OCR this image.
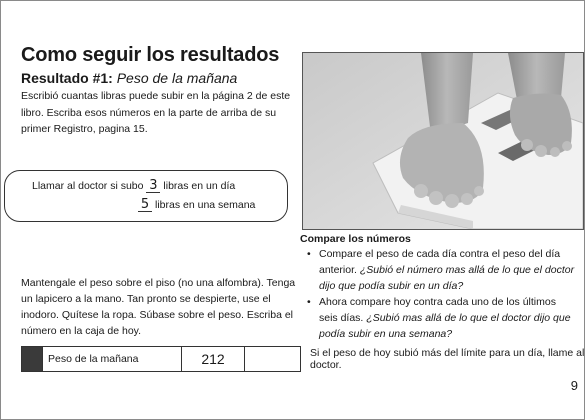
Como seguir los resultados
Resultado #1: Peso de la mañana
Escribió cuantas libras puede subir en la página 2 de este libro. Escriba esos números en la parte de arriba de su primer Registro, pagina 15.
Llamar al doctor si subo 3 libras en un día
5 libras en una semana
Mantengale el peso sobre el piso (no una alfombra). Tenga un lapicero a la mano. Tan pronto se despierte, use el inodoro. Quítese la ropa. Súbase sobre el peso. Escriba el número en la caja de hoy.
Peso de la mañana	212
Compare los números
• Compare el peso de cada día contra el peso del día anterior. ¿Subió el número mas allá de lo que el doctor dijo que podía subir en un día?
• Ahora compare hoy contra cada uno de los últimos seis días. ¿Subió mas allá de lo que el doctor dijo que podía subir en una semana?
Si el peso de hoy subió más del límite para un día, llame al doctor.
9
